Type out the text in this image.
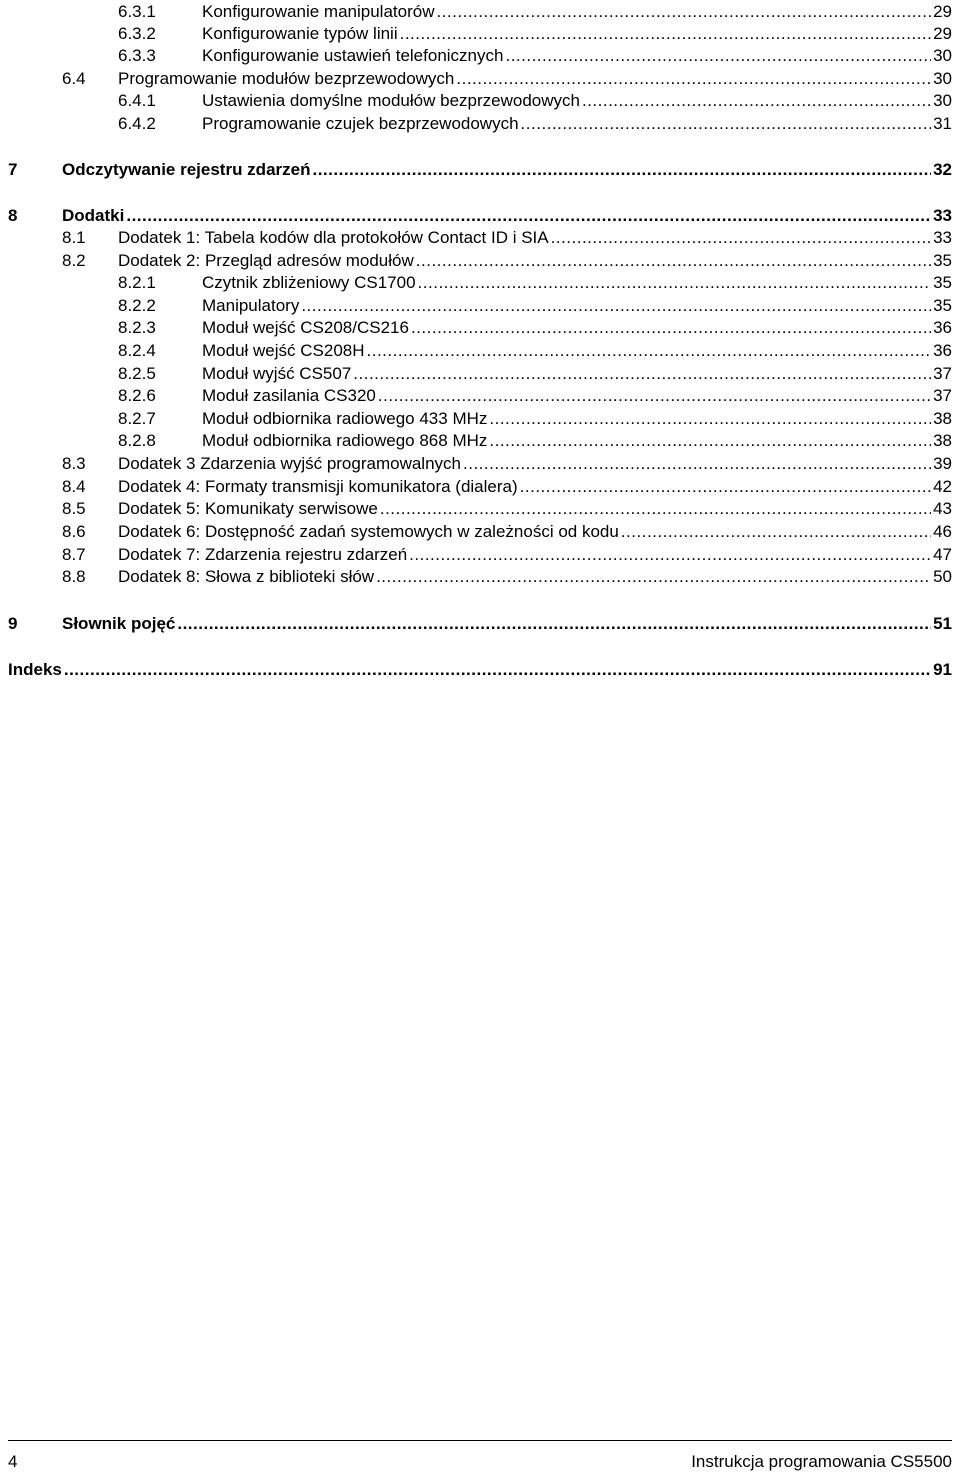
6.3.1	Konfigurowanie manipulatorów .....	29
6.3.2	Konfigurowanie typów linii .....	29
6.3.3	Konfigurowanie ustawień telefonicznych .....	30
6.4	Programowanie modułów bezprzewodowych .....	30
6.4.1	Ustawienia domyślne modułów bezprzewodowych .....	30
6.4.2	Programowanie czujek bezprzewodowych .....	31
7	Odczytywanie rejestru zdarzeń .....	32
8	Dodatki .....	33
8.1	Dodatek 1: Tabela kodów dla protokołów Contact ID i SIA .....	33
8.2	Dodatek 2: Przegląd adresów modułów .....	35
8.2.1	Czytnik zbliżeniowy CS1700 .....	35
8.2.2	Manipulatory .....	35
8.2.3	Moduł wejść CS208/CS216 .....	36
8.2.4	Moduł wejść CS208H .....	36
8.2.5	Moduł wyjść CS507 .....	37
8.2.6	Moduł zasilania CS320 .....	37
8.2.7	Moduł odbiornika radiowego 433 MHz .....	38
8.2.8	Moduł odbiornika radiowego 868 MHz .....	38
8.3	Dodatek 3 Zdarzenia wyjść programowalnych .....	39
8.4	Dodatek 4: Formaty transmisji komunikatora (dialera) .....	42
8.5	Dodatek 5: Komunikaty serwisowe .....	43
8.6	Dodatek 6: Dostępność zadań systemowych w zależności od kodu .....	46
8.7	Dodatek 7: Zdarzenia rejestru zdarzeń .....	47
8.8	Dodatek 8: Słowa z biblioteki słów .....	50
9	Słownik pojęć .....	51
Indeks .....	91
4	Instrukcja programowania CS5500
